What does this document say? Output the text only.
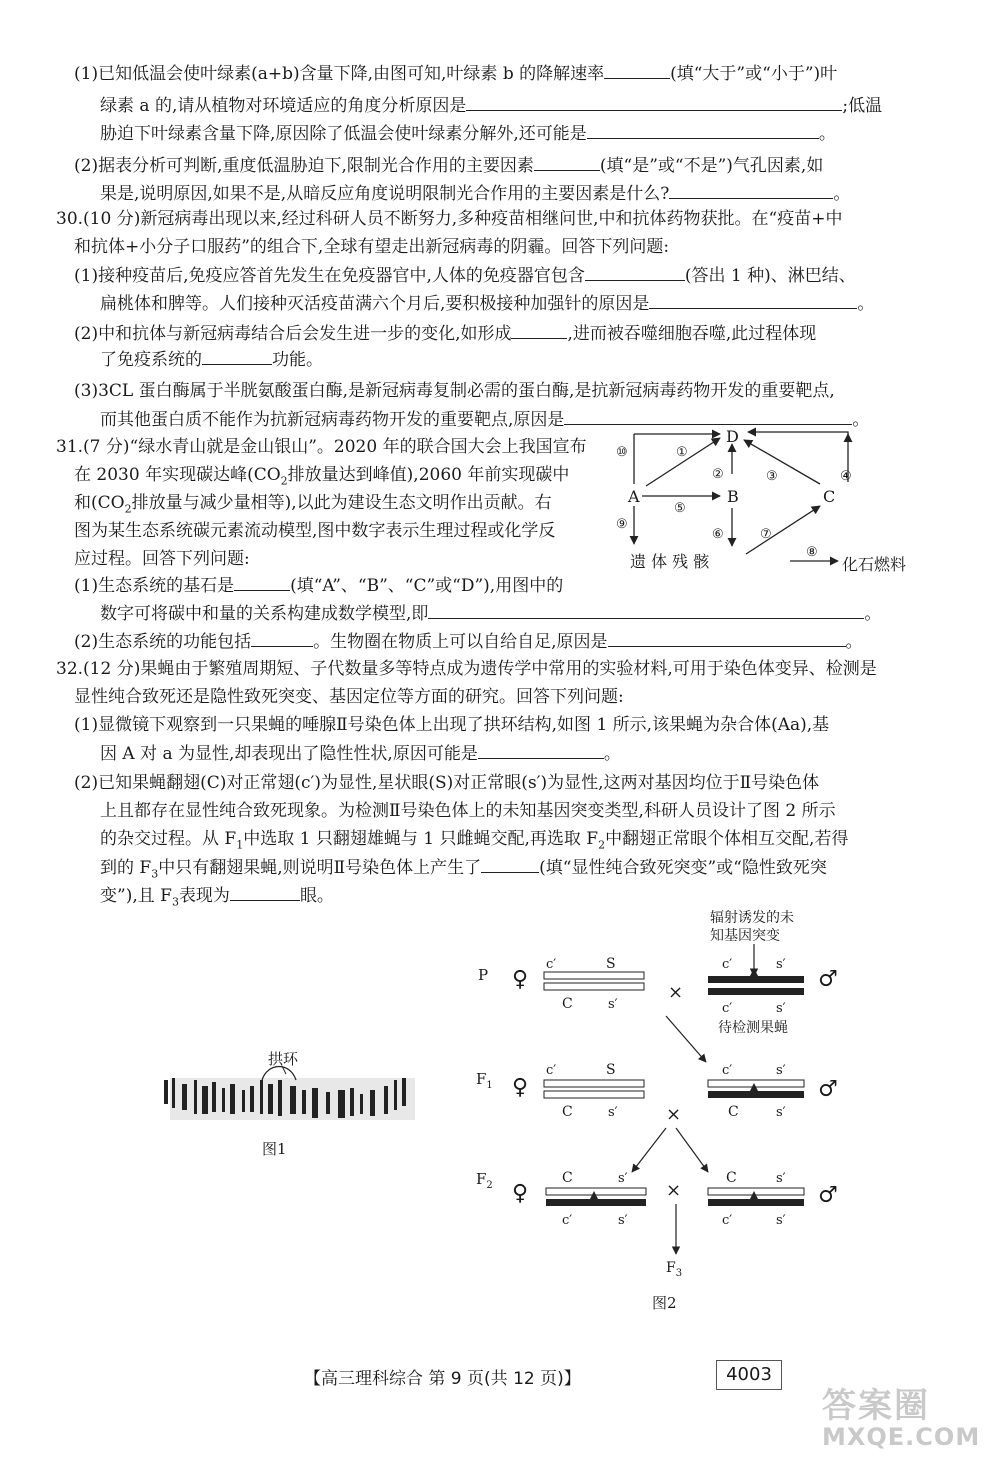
(1)已知低温会使叶绿素(a+b)含量下降,由图可知,叶绿素 b 的降解速率	(填“大于”或“小于”)叶
绿素 a 的,请从植物对环境适应的角度分析原因是	;低温
胁迫下叶绿素含量下降,原因除了低温会使叶绿素分解外,还可能是	。
(2)据表分析可判断,重度低温胁迫下,限制光合作用的主要因素	(填“是”或“不是”)气孔因素,如
果是,说明原因,如果不是,从暗反应角度说明限制光合作用的主要因素是什么?	。
30.(10 分)新冠病毒出现以来,经过科研人员不断努力,多种疫苗相继问世,中和抗体药物获批。在“疫苗+中
和抗体+小分子口服药”的组合下,全球有望走出新冠病毒的阴霾。回答下列问题:
(1)接种疫苗后,免疫应答首先发生在免疫器官中,人体的免疫器官包含	(答出 1 种)、淋巴结、
扁桃体和脾等。人们接种灭活疫苗满六个月后,要积极接种加强针的原因是	。
(2)中和抗体与新冠病毒结合后会发生进一步的变化,如形成	,进而被吞噬细胞吞噬,此过程体现
了免疫系统的	功能。
(3)3CL 蛋白酶属于半胱氨酸蛋白酶,是新冠病毒复制必需的蛋白酶,是抗新冠病毒药物开发的重要靶点,
而其他蛋白质不能作为抗新冠病毒药物开发的重要靶点,原因是	。
31.(7 分)“绿水青山就是金山银山”。2020 年的联合国大会上我国宣布
在 2030 年实现碳达峰($CO_2$排放量达到峰值),2060 年前实现碳中
和($CO_2$排放量与减少量相等),以此为建设生态文明作出贡献。右
图为某生态系统碳元素流动模型,图中数字表示生理过程或化学反
应过程。回答下列问题:
(1)生态系统的基石是	(填“A”、“B”、“C”或“D”),用图中的
数字可将碳中和量的关系构建成数学模型,即	。
(2)生态系统的功能包括	。生物圈在物质上可以自给自足,原因是	。
A	B	C
D
遗 体 残 骸	化石燃料
⑩	①
②	③	④
⑤
⑥	⑦
⑧
⑨
32.(12 分)果蝇由于繁殖周期短、子代数量多等特点成为遗传学中常用的实验材料,可用于染色体变异、检测是
显性纯合致死还是隐性致死突变、基因定位等方面的研究。回答下列问题:
(1)显微镜下观察到一只果蝇的唾腺Ⅱ号染色体上出现了拱环结构,如图 1 所示,该果蝇为杂合体(Aa),基
因 A 对 a 为显性,却表现出了隐性性状,原因可能是	。
(2)已知果蝇翻翅(C)对正常翅(c′)为显性,星状眼(S)对正常眼(s′)为显性,这两对基因均位于Ⅱ号染色体
上且都存在显性纯合致死现象。为检测Ⅱ号染色体上的未知基因突变类型,科研人员设计了图 2 所示
的杂交过程。从 $F_1$中选取 1 只翻翅雄蝇与 1 只雌蝇交配,再选取 $F_2$中翻翅正常眼个体相互交配,若得
到的 $F_3$中只有翻翅果蝇,则说明Ⅱ号染色体上产生了	(填“显性纯合致死突变”或“隐性致死突
变”),且 $F_3$表现为	眼。
拱环
图1
辐射诱发的未
知基因突变
P ♀
c′	S
C	s′
c′	s′
c′	s′
♂
×
待检测果蝇
$F_1$ ♀
c′	S
C	s′
c′	s′
C	s′
♂
×
$F_2$ ♀
C	s′
c′	s′
C	s′
c′	s′
♂
×
$F_3$
图2
【高三理科综合 第 9 页(共 12 页)】	4003
答案圈
MXQE.COM
